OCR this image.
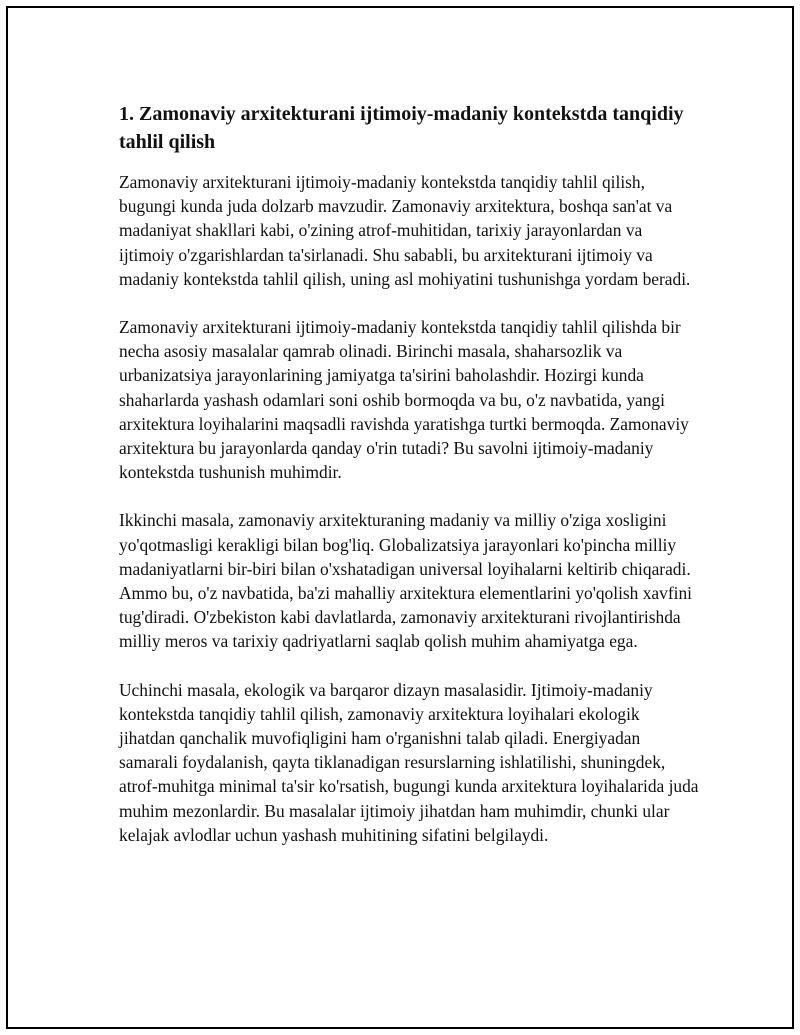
1. Zamonaviy arxitekturani ijtimoiy-madaniy kontekstda tanqidiy tahlil qilish

Zamonaviy arxitekturani ijtimoiy-madaniy kontekstda tanqidiy tahlil qilish, bugungi kunda juda dolzarb mavzudir. Zamonaviy arxitektura, boshqa san'at va madaniyat shakllari kabi, o'zining atrof-muhitidan, tarixiy jarayonlardan va ijtimoiy o'zgarishlardan ta'sirlanadi. Shu sababli, bu arxitekturani ijtimoiy va madaniy kontekstda tahlil qilish, uning asl mohiyatini tushunishga yordam beradi.

Zamonaviy arxitekturani ijtimoiy-madaniy kontekstda tanqidiy tahlil qilishda bir necha asosiy masalalar qamrab olinadi. Birinchi masala, shaharsozlik va urbanizatsiya jarayonlarining jamiyatga ta'sirini baholashdir. Hozirgi kunda shaharlarda yashash odamlari soni oshib bormoqda va bu, o'z navbatida, yangi arxitektura loyihalarini maqsadli ravishda yaratishga turtki bermoqda. Zamonaviy arxitektura bu jarayonlarda qanday o'rin tutadi? Bu savolni ijtimoiy-madaniy kontekstda tushunish muhimdir.

Ikkinchi masala, zamonaviy arxitekturaning madaniy va milliy o'ziga xosligini yo'qotmasligi kerakligi bilan bog'liq. Globalizatsiya jarayonlari ko'pincha milliy madaniyatlarni bir-biri bilan o'xshatadigan universal loyihalarni keltirib chiqaradi. Ammo bu, o'z navbatida, ba'zi mahalliy arxitektura elementlarini yo'qolish xavfini tug'diradi. O'zbekiston kabi davlatlarda, zamonaviy arxitekturani rivojlantirishda milliy meros va tarixiy qadriyatlarni saqlab qolish muhim ahamiyatga ega.

Uchinchi masala, ekologik va barqaror dizayn masalasidir. Ijtimoiy-madaniy kontekstda tanqidiy tahlil qilish, zamonaviy arxitektura loyihalari ekologik jihatdan qanchalik muvofiqligini ham o'rganishni talab qiladi. Energiyadan samarali foydalanish, qayta tiklanadigan resurslarning ishlatilishi, shuningdek, atrof-muhitga minimal ta'sir ko'rsatish, bugungi kunda arxitektura loyihalarida juda muhim mezonlardir. Bu masalalar ijtimoiy jihatdan ham muhimdir, chunki ular kelajak avlodlar uchun yashash muhitining sifatini belgilaydi.
